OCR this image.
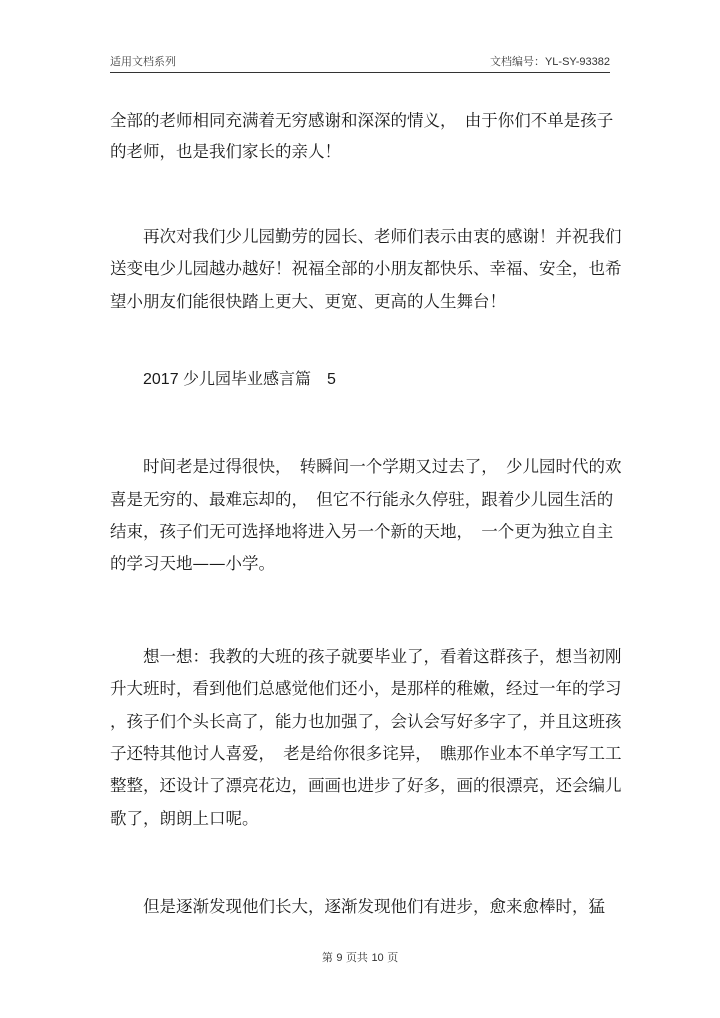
适用文档系列	文档编号：YL-SY-93382
全部的老师相同充满着无穷感谢和深深的情义，　由于你们不单是孩子
的老师，也是我们家长的亲人！
再次对我们少儿园勤劳的园长、老师们表示由衷的感谢！并祝我们
送变电少儿园越办越好！祝福全部的小朋友都快乐、幸福、安全，也希
望小朋友们能很快踏上更大、更宽、更高的人生舞台！
2017 少儿园毕业感言篇　5
时间老是过得很快，　转瞬间一个学期又过去了，　少儿园时代的欢
喜是无穷的、最难忘却的，　但它不行能永久停驻，跟着少儿园生活的
结束，孩子们无可选择地将进入另一个新的天地，　一个更为独立自主
的学习天地——小学。
想一想：我教的大班的孩子就要毕业了，看着这群孩子，想当初刚
升大班时，看到他们总感觉他们还小，是那样的稚嫩，经过一年的学习
，孩子们个头长高了，能力也加强了，会认会写好多字了，并且这班孩
子还特其他讨人喜爱，　老是给你很多诧异，　瞧那作业本不单字写工工
整整，还设计了漂亮花边，画画也进步了好多，画的很漂亮，还会编儿
歌了，朗朗上口呢。
但是逐渐发现他们长大，逐渐发现他们有进步，愈来愈棒时，猛
第 9 页共 10 页
